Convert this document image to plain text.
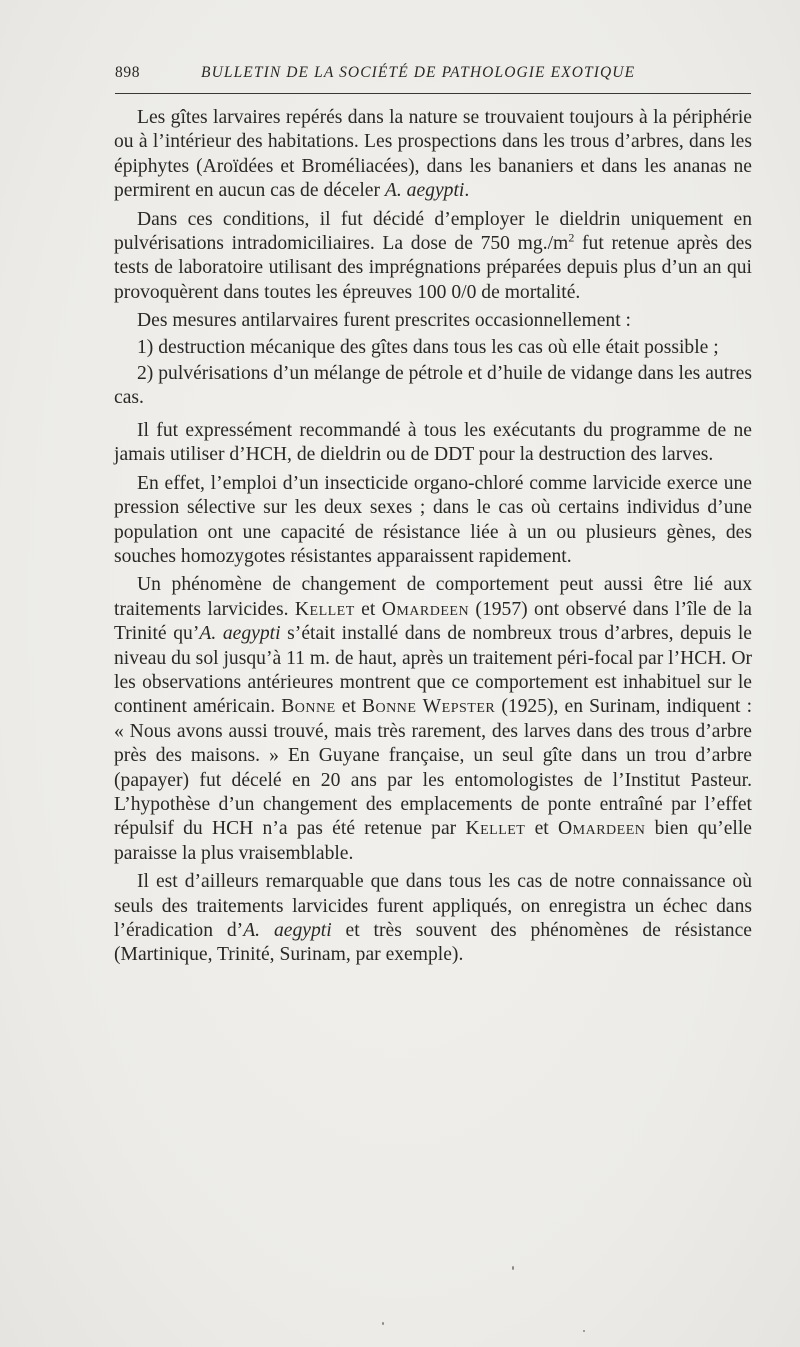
898	BULLETIN DE LA SOCIÉTÉ DE PATHOLOGIE EXOTIQUE

Les gîtes larvaires repérés dans la nature se trouvaient toujours à la périphérie ou à l’intérieur des habitations. Les prospections dans les trous d’arbres, dans les épiphytes (Aroïdées et Broméliacées), dans les bananiers et dans les ananas ne permirent en aucun cas de déceler A. aegypti.

Dans ces conditions, il fut décidé d’employer le dieldrin uniquement en pulvérisations intradomiciliaires. La dose de 750 $mg./m^2$ fut retenue après des tests de laboratoire utilisant des imprégnations préparées depuis plus d’un an qui provoquèrent dans toutes les épreuves 100 0/0 de mortalité.

Des mesures antilarvaires furent prescrites occasionnellement :

1) destruction mécanique des gîtes dans tous les cas où elle était possible ;

2) pulvérisations d’un mélange de pétrole et d’huile de vidange dans les autres cas.

Il fut expressément recommandé à tous les exécutants du programme de ne jamais utiliser d’HCH, de dieldrin ou de DDT pour la destruction des larves.

En effet, l’emploi d’un insecticide organo-chloré comme larvicide exerce une pression sélective sur les deux sexes ; dans le cas où certains individus d’une population ont une capacité de résistance liée à un ou plusieurs gènes, des souches homozygotes résistantes apparaissent rapidement.

Un phénomène de changement de comportement peut aussi être lié aux traitements larvicides. Kellet et Omardeen (1957) ont observé dans l’île de la Trinité qu’A. aegypti s’était installé dans de nombreux trous d’arbres, depuis le niveau du sol jusqu’à 11 m. de haut, après un traitement péri-focal par l’HCH. Or les observations antérieures montrent que ce comportement est inhabituel sur le continent américain. Bonne et Bonne Wepster (1925), en Surinam, indiquent : « Nous avons aussi trouvé, mais très rarement, des larves dans des trous d’arbre près des maisons. » En Guyane française, un seul gîte dans un trou d’arbre (papayer) fut décelé en 20 ans par les entomologistes de l’Institut Pasteur. L’hypothèse d’un changement des emplacements de ponte entraîné par l’effet répulsif du HCH n’a pas été retenue par Kellet et Omardeen bien qu’elle paraisse la plus vraisemblable.

Il est d’ailleurs remarquable que dans tous les cas de notre connaissance où seuls des traitements larvicides furent appliqués, on enregistra un échec dans l’éradication d’A. aegypti et très souvent des phénomènes de résistance (Martinique, Trinité, Surinam, par exemple).
